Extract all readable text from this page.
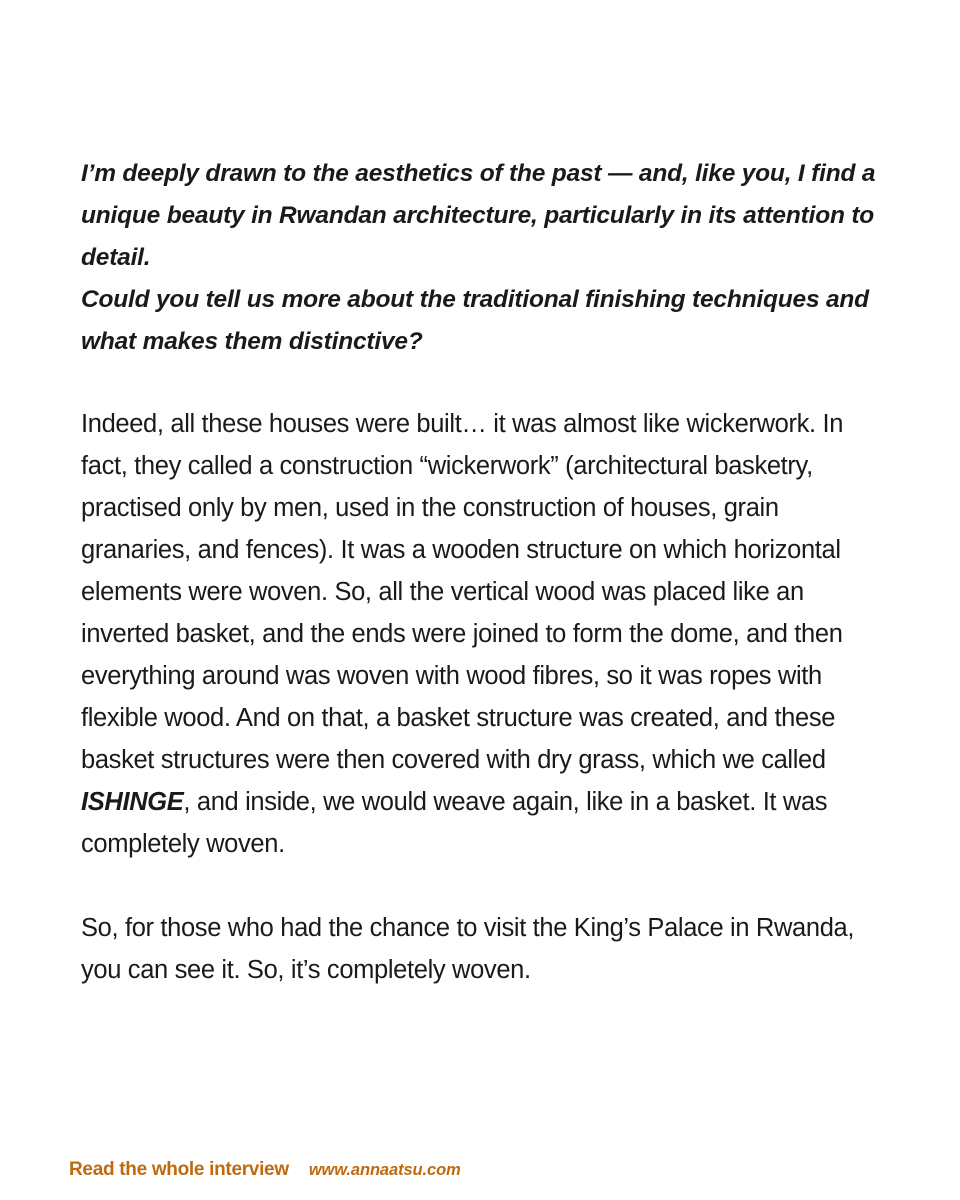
I’m deeply drawn to the aesthetics of the past — and, like you, I find a unique beauty in Rwandan architecture, particularly in its attention to detail.
Could you tell us more about the traditional finishing techniques and what makes them distinctive?

Indeed, all these houses were built… it was almost like wickerwork. In fact, they called a construction “wickerwork” (architectural basketry, practised only by men, used in the construction of houses, grain granaries, and fences). It was a wooden structure on which horizontal elements were woven. So, all the vertical wood was placed like an inverted basket, and the ends were joined to form the dome, and then everything around was woven with wood fibres, so it was ropes with flexible wood. And on that, a basket structure was created, and these basket structures were then covered with dry grass, which we called ISHINGE, and inside, we would weave again, like in a basket. It was completely woven.

So, for those who had the chance to visit the King’s Palace in Rwanda, you can see it. So, it’s completely woven.

Read the whole interview www.annaatsu.com
